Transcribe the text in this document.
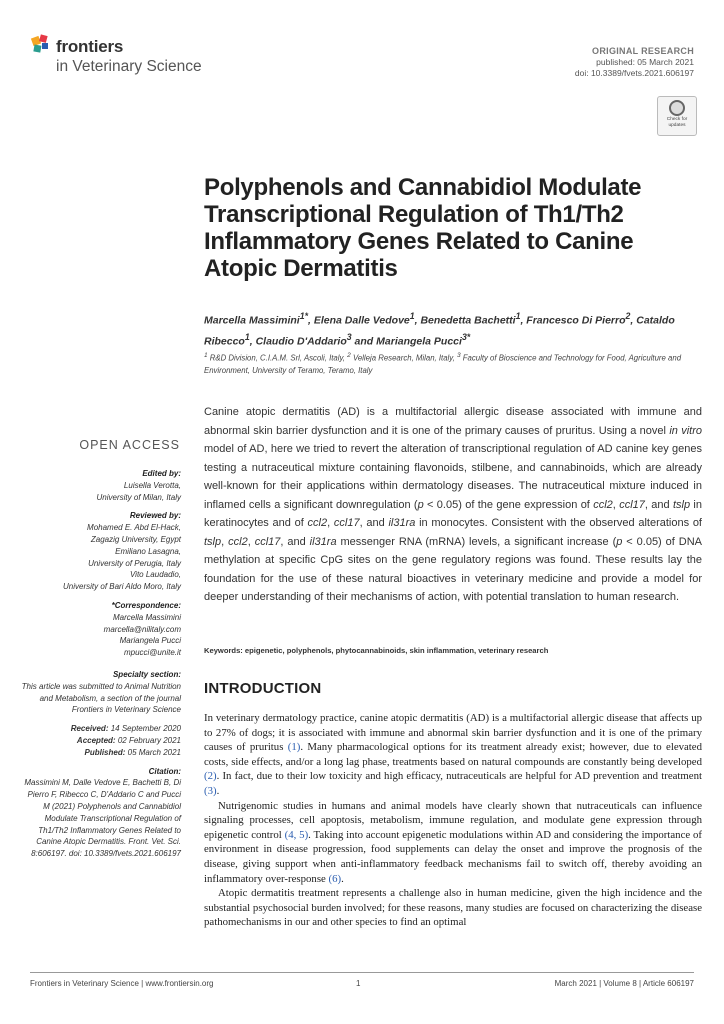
frontiers
in Veterinary Science
ORIGINAL RESEARCH
published: 05 March 2021
doi: 10.3389/fvets.2021.606197
Check for
updates
Polyphenols and Cannabidiol Modulate Transcriptional Regulation of Th1/Th2 Inflammatory Genes Related to Canine Atopic Dermatitis
Marcella Massimini$^{1*}$, Elena Dalle Vedove$^1$, Benedetta Bachetti$^1$, Francesco Di Pierro$^2$, Cataldo Ribecco$^1$, Claudio D'Addario$^3$ and Mariangela Pucci$^{3*}$
$^1$ R&D Division, C.I.A.M. Srl, Ascoli, Italy, $^2$ Velleja Research, Milan, Italy, $^3$ Faculty of Bioscience and Technology for Food, Agriculture and Environment, University of Teramo, Teramo, Italy
Canine atopic dermatitis (AD) is a multifactorial allergic disease associated with immune and abnormal skin barrier dysfunction and it is one of the primary causes of pruritus. Using a novel in vitro model of AD, here we tried to revert the alteration of transcriptional regulation of AD canine key genes testing a nutraceutical mixture containing flavonoids, stilbene, and cannabinoids, which are already well-known for their applications within dermatology diseases. The nutraceutical mixture induced in inflamed cells a significant downregulation (p < 0.05) of the gene expression of ccl2, ccl17, and tslp in keratinocytes and of ccl2, ccl17, and il31ra in monocytes. Consistent with the observed alterations of tslp, ccl2, ccl17, and il31ra messenger RNA (mRNA) levels, a significant increase (p < 0.05) of DNA methylation at specific CpG sites on the gene regulatory regions was found. These results lay the foundation for the use of these natural bioactives in veterinary medicine and provide a model for deeper understanding of their mechanisms of action, with potential translation to human research.
Keywords: epigenetic, polyphenols, phytocannabinoids, skin inflammation, veterinary research
OPEN ACCESS
Edited by:
Luisella Verotta,
University of Milan, Italy
Reviewed by:
Mohamed E. Abd El-Hack,
Zagazig University, Egypt
Emiliano Lasagna,
University of Perugia, Italy
Vito Laudadio,
University of Bari Aldo Moro, Italy
*Correspondence:
Marcella Massimini
marcella@nilitaly.com
Mariangela Pucci
mpucci@unite.it
Specialty section:
This article was submitted to Animal Nutrition and Metabolism, a section of the journal Frontiers in Veterinary Science
Received: 14 September 2020
Accepted: 02 February 2021
Published: 05 March 2021
Citation:
Massimini M, Dalle Vedove E, Bachetti B, Di Pierro F, Ribecco C, D'Addario C and Pucci M (2021) Polyphenols and Cannabidiol Modulate Transcriptional Regulation of Th1/Th2 Inflammatory Genes Related to Canine Atopic Dermatitis. Front. Vet. Sci. 8:606197. doi: 10.3389/fvets.2021.606197
INTRODUCTION

In veterinary dermatology practice, canine atopic dermatitis (AD) is a multifactorial allergic disease that affects up to 27% of dogs; it is associated with immune and abnormal skin barrier dysfunction and it is one of the primary causes of pruritus (1). Many pharmacological options for its treatment already exist; however, due to elevated costs, side effects, and/or a long lag phase, treatments based on natural compounds are constantly being developed (2). In fact, due to their low toxicity and high efficacy, nutraceuticals are helpful for AD prevention and treatment (3).

Nutrigenomic studies in humans and animal models have clearly shown that nutraceuticals can influence signaling processes, cell apoptosis, metabolism, immune regulation, and modulate gene expression through epigenetic control (4, 5). Taking into account epigenetic modulations within AD and considering the importance of environment in disease progression, food supplements can delay the onset and improve the prognosis of the disease, giving support when anti-inflammatory feedback mechanisms fail to switch off, thereby avoiding an inflammatory over-response (6).

Atopic dermatitis treatment represents a challenge also in human medicine, given the high incidence and the substantial psychosocial burden involved; for these reasons, many studies are focused on characterizing the disease pathomechanisms in our and other species to find an optimal

Frontiers in Veterinary Science | www.frontiersin.org	1	March 2021 | Volume 8 | Article 606197
